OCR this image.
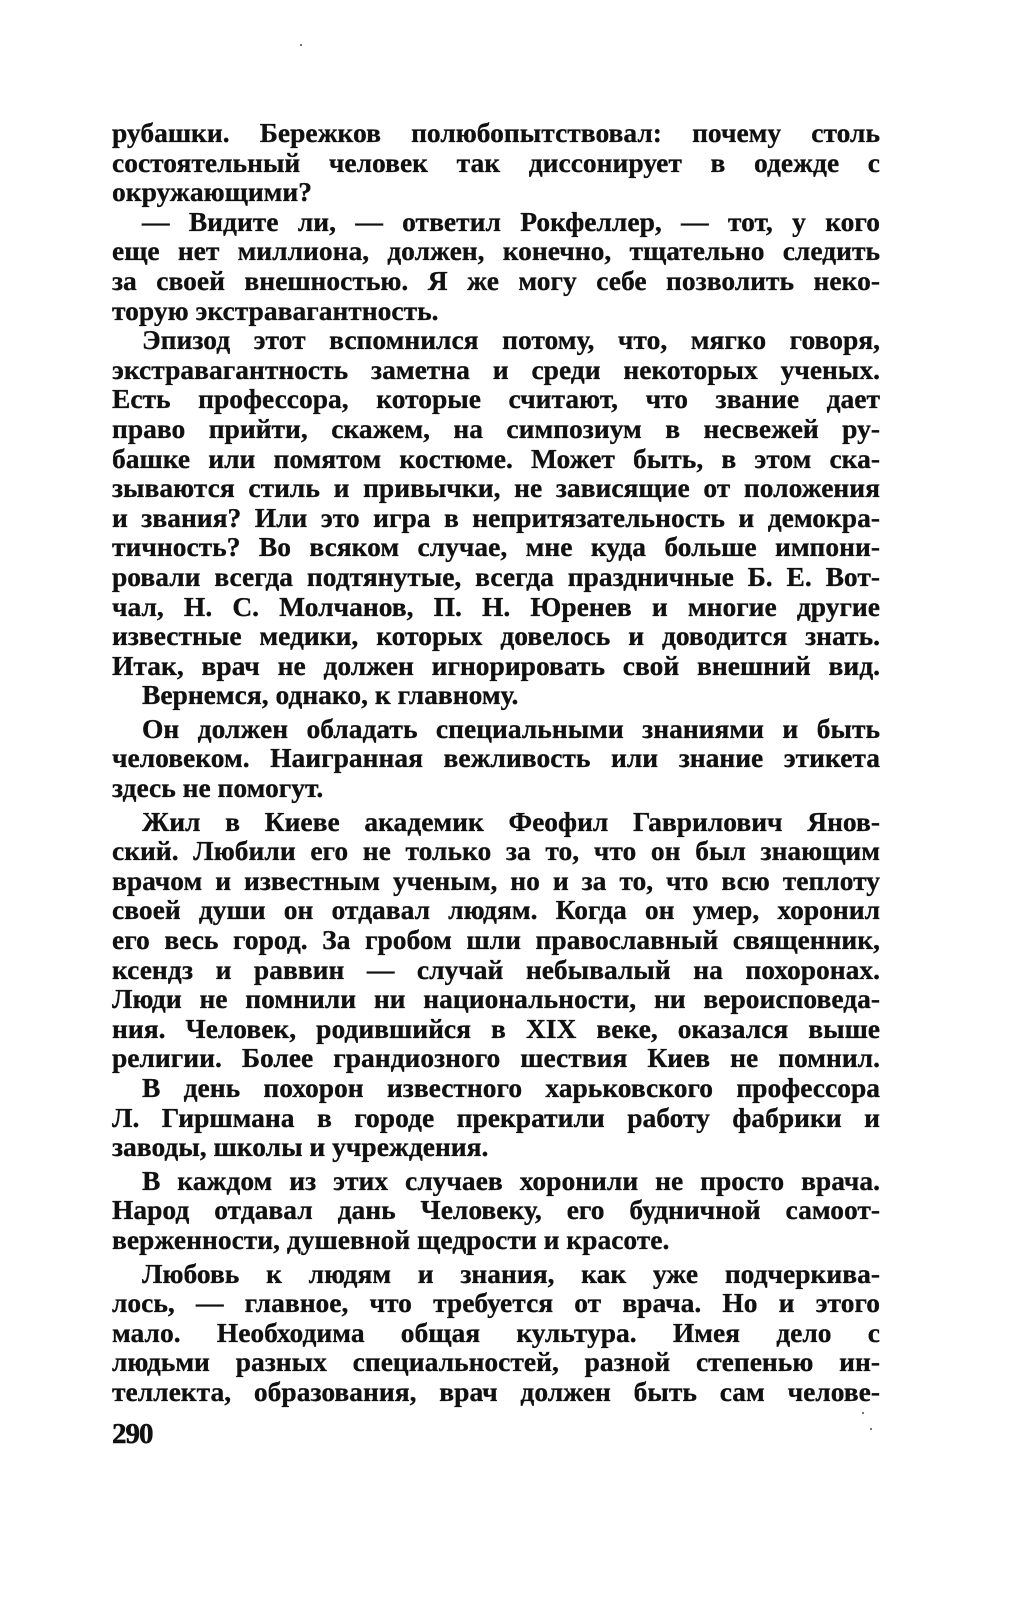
рубашки. Бережков полюбопытствовал: почему столь
состоятельный человек так диссонирует в одежде с
окружающими?
— Видите ли, — ответил Рокфеллер, — тот, у кого
еще нет миллиона, должен, конечно, тщательно следить
за своей внешностью. Я же могу себе позволить неко-
торую экстравагантность.
Эпизод этот вспомнился потому, что, мягко говоря,
экстравагантность заметна и среди некоторых ученых.
Есть профессора, которые считают, что звание дает
право прийти, скажем, на симпозиум в несвежей ру-
башке или помятом костюме. Может быть, в этом ска-
зываются стиль и привычки, не зависящие от положения
и звания? Или это игра в непритязательность и демокра-
тичность? Во всяком случае, мне куда больше импони-
ровали всегда подтянутые, всегда праздничные Б. Е. Вот-
чал, Н. С. Молчанов, П. Н. Юренев и многие другие
известные медики, которых довелось и доводится знать.
Итак, врач не должен игнорировать свой внешний вид.
Вернемся, однако, к главному.
Он должен обладать специальными знаниями и быть
человеком. Наигранная вежливость или знание этикета
здесь не помогут.
Жил в Киеве академик Феофил Гаврилович Янов-
ский. Любили его не только за то, что он был знающим
врачом и известным ученым, но и за то, что всю теплоту
своей души он отдавал людям. Когда он умер, хоронил
его весь город. За гробом шли православный священник,
ксендз и раввин — случай небывалый на похоронах.
Люди не помнили ни национальности, ни вероисповеда-
ния. Человек, родившийся в XIX веке, оказался выше
религии. Более грандиозного шествия Киев не помнил.
В день похорон известного харьковского профессора
Л. Гиршмана в городе прекратили работу фабрики и
заводы, школы и учреждения.
В каждом из этих случаев хоронили не просто врача.
Народ отдавал дань Человеку, его будничной самоот-
верженности, душевной щедрости и красоте.
Любовь к людям и знания, как уже подчеркива-
лось, — главное, что требуется от врача. Но и этого
мало. Необходима общая культура. Имея дело с
людьми разных специальностей, разной степенью ин-
теллекта, образования, врач должен быть сам челове-
290
